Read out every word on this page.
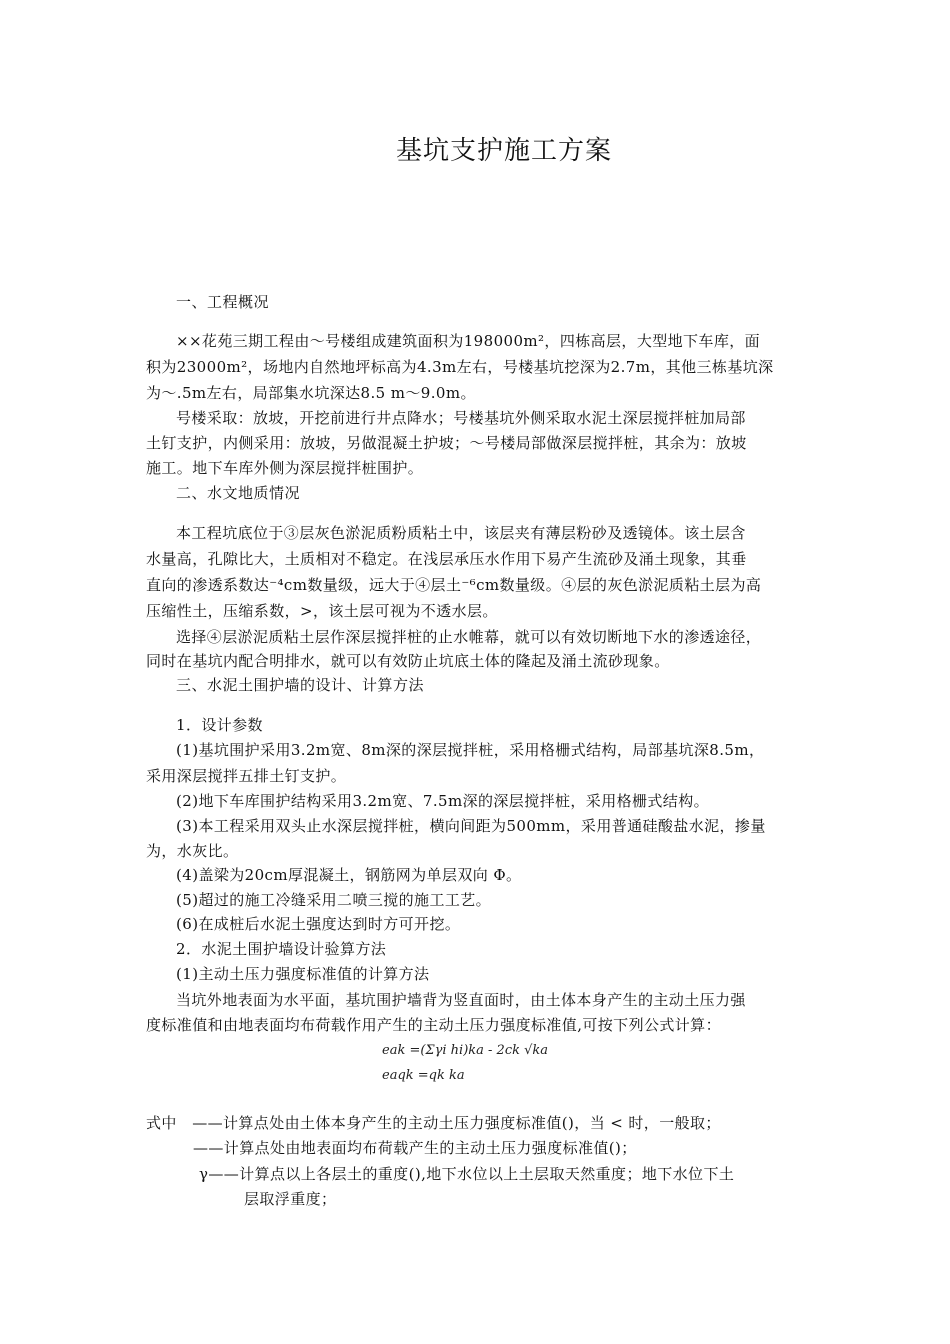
基坑支护施工方案
一、工程概况
××花苑三期工程由～号楼组成建筑面积为198000m²，四栋高层，大型地下车库，面
积为23000m²，场地内自然地坪标高为4.3m左右，号楼基坑挖深为2.7m，其他三栋基坑深
为～.5m左右，局部集水坑深达8.5 m～9.0m。
号楼采取：放坡，开挖前进行井点降水；号楼基坑外侧采取水泥土深层搅拌桩加局部
土钉支护，内侧采用：放坡，另做混凝土护坡；～号楼局部做深层搅拌桩，其余为：放坡
施工。地下车库外侧为深层搅拌桩围护。
二、水文地质情况
本工程坑底位于③层灰色淤泥质粉质粘土中，该层夹有薄层粉砂及透镜体。该土层含
水量高，孔隙比大，土质相对不稳定。在浅层承压水作用下易产生流砂及涌土现象，其垂
直向的渗透系数达⁻⁴cm数量级，远大于④层土⁻⁶cm数量级。④层的灰色淤泥质粘土层为高
压缩性土，压缩系数，>，该土层可视为不透水层。
选择④层淤泥质粘土层作深层搅拌桩的止水帷幕，就可以有效切断地下水的渗透途径，
同时在基坑内配合明排水，就可以有效防止坑底土体的隆起及涌土流砂现象。
三、水泥土围护墙的设计、计算方法
1．设计参数
(1)基坑围护采用3.2m宽、8m深的深层搅拌桩，采用格栅式结构，局部基坑深8.5m，
采用深层搅拌五排土钉支护。
(2)地下车库围护结构采用3.2m宽、7.5m深的深层搅拌桩，采用格栅式结构。
(3)本工程采用双头止水深层搅拌桩，横向间距为500mm，采用普通硅酸盐水泥，掺量
为，水灰比。
(4)盖梁为20cm厚混凝土，钢筋网为单层双向 Φ。
(5)超过的施工冷缝采用二喷三搅的施工工艺。
(6)在成桩后水泥土强度达到时方可开挖。
2．水泥土围护墙设计验算方法
(1)主动土压力强度标准值的计算方法
当坑外地表面为水平面，基坑围护墙背为竖直面时，由土体本身产生的主动土压力强
度标准值和由地表面均布荷载作用产生的主动土压力强度标准值,可按下列公式计算：
eak =(Σγi hi)ka - 2ck √ka
eaqk =qk ka
式中　——计算点处由土体本身产生的主动土压力强度标准值()，当 < 时，一般取；
——计算点处由地表面均布荷载产生的主动土压力强度标准值()；
γ——计算点以上各层土的重度(),地下水位以上土层取天然重度；地下水位下土
层取浮重度；
